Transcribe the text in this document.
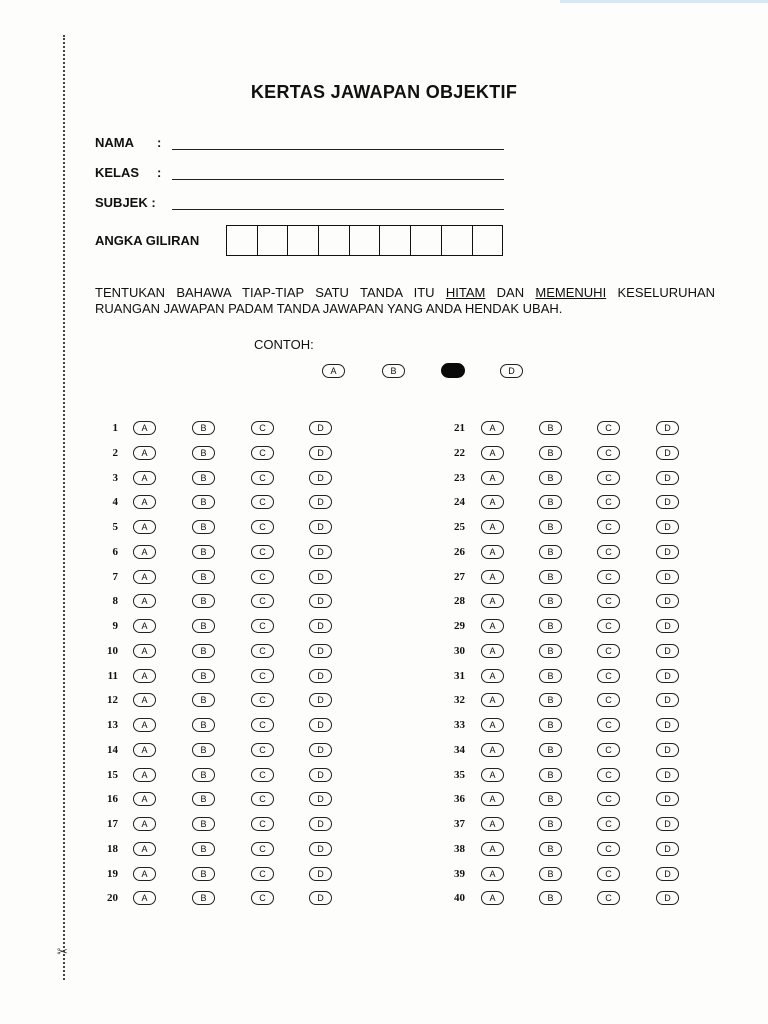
✂
KERTAS JAWAPAN OBJEKTIF
NAMA :
KELAS :
SUBJEK :
ANGKA GILIRAN
TENTUKAN BAHAWA TIAP-TIAP SATU TANDA ITU HITAM DAN MEMENUHI KESELURUHAN
RUANGAN JAWAPAN PADAM TANDA JAWAPAN YANG ANDA HENDAK UBAH.
CONTOH:
A	B	D
1	A	B	C	D
2	A	B	C	D
3	A	B	C	D
4	A	B	C	D
5	A	B	C	D
6	A	B	C	D
7	A	B	C	D
8	A	B	C	D
9	A	B	C	D
10	A	B	C	D
11	A	B	C	D
12	A	B	C	D
13	A	B	C	D
14	A	B	C	D
15	A	B	C	D
16	A	B	C	D
17	A	B	C	D
18	A	B	C	D
19	A	B	C	D
20	A	B	C	D
21	A	B	C	D
22	A	B	C	D
23	A	B	C	D
24	A	B	C	D
25	A	B	C	D
26	A	B	C	D
27	A	B	C	D
28	A	B	C	D
29	A	B	C	D
30	A	B	C	D
31	A	B	C	D
32	A	B	C	D
33	A	B	C	D
34	A	B	C	D
35	A	B	C	D
36	A	B	C	D
37	A	B	C	D
38	A	B	C	D
39	A	B	C	D
40	A	B	C	D
